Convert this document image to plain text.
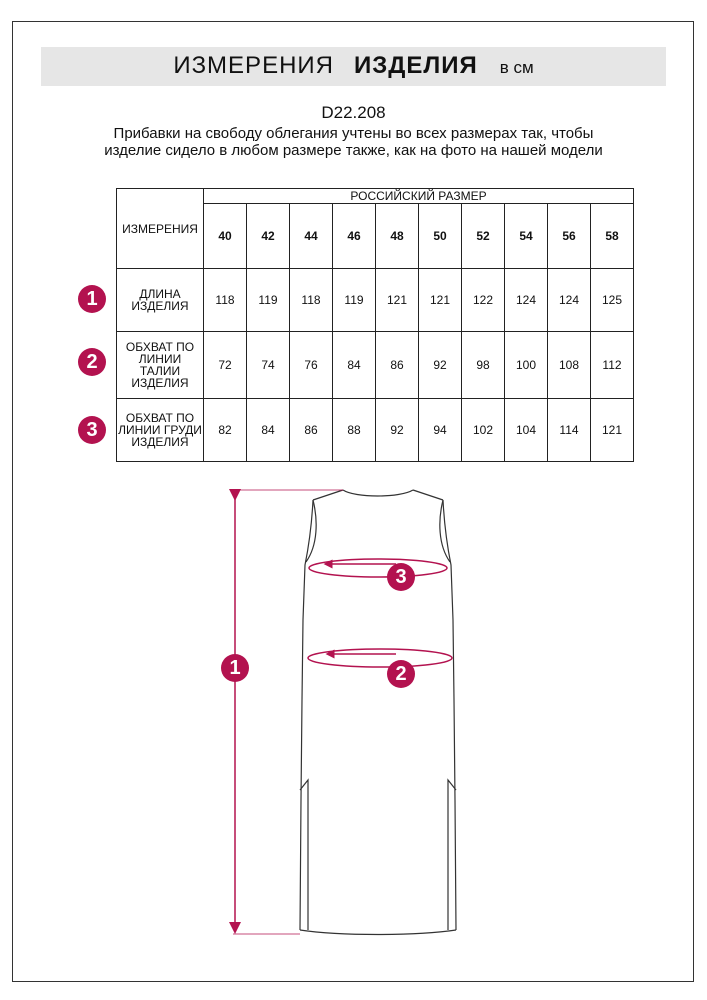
ИЗМЕРЕНИЯ ИЗДЕЛИЯ в см
D22.208
Прибавки на свободу облегания учтены во всех размерах так, чтобы изделие сидело в любом размере также, как на фото на нашей модели
1
2
3
ИЗМЕРЕНИЯ	РОССИЙСКИЙ РАЗМЕР									
	40	42	44	46	48	50	52	54	56	58
ДЛИНА ИЗДЕЛИЯ	118	119	118	119	121	121	122	124	124	125
ОБХВАТ ПО ЛИНИИ ТАЛИИ ИЗДЕЛИЯ	72	74	76	84	86	92	98	100	108	112
ОБХВАТ ПО ЛИНИИ ГРУДИ ИЗДЕЛИЯ	82	84	86	88	92	94	102	104	114	121
1
3
2
